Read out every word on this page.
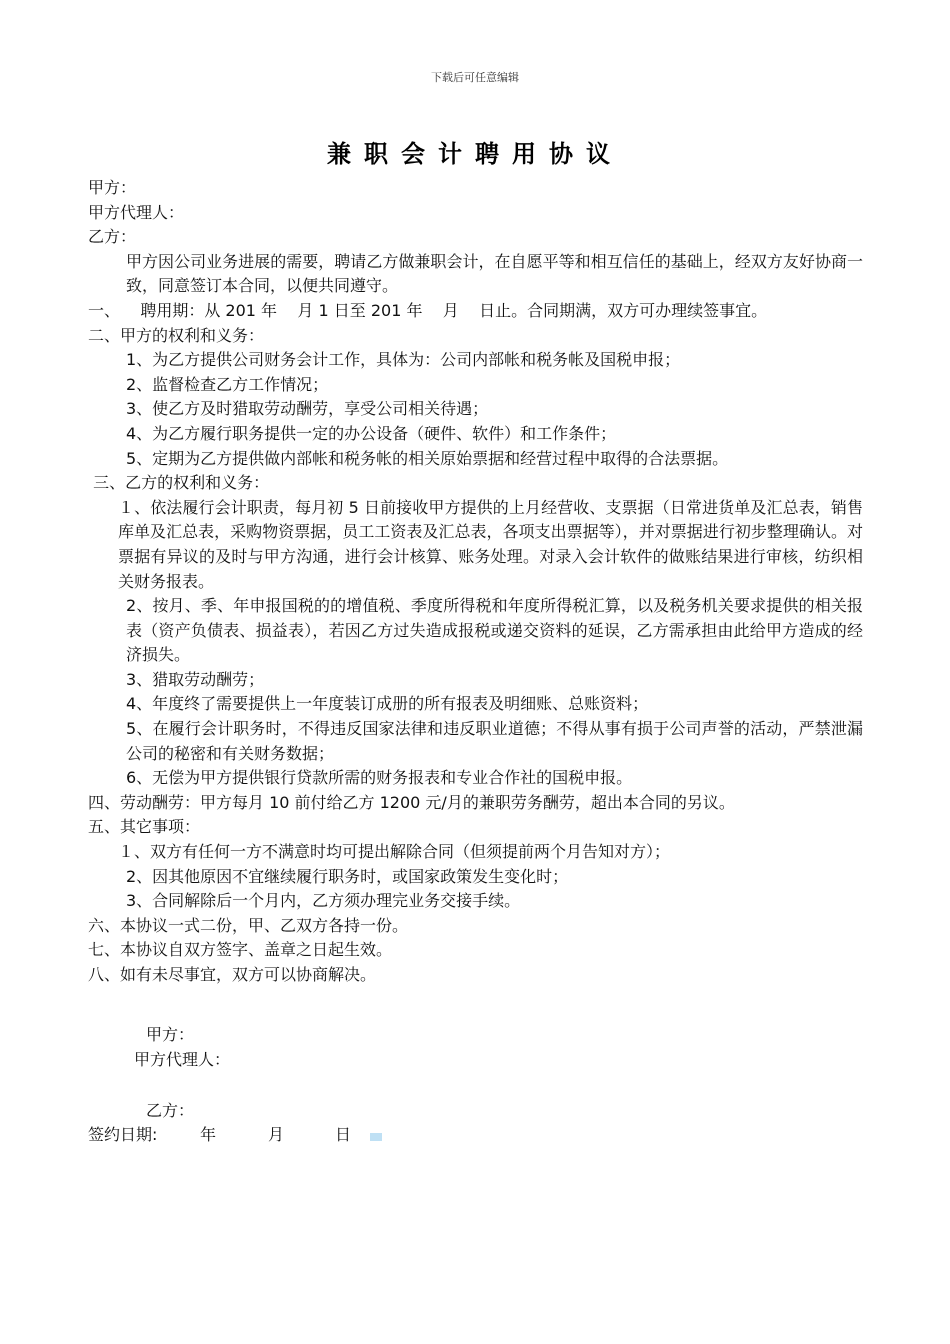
下载后可任意编辑
兼职会计聘用协议
甲方：
甲方代理人：
乙方：
甲方因公司业务进展的需要，聘请乙方做兼职会计，在自愿平等和相互信任的基础上，经双方友好协商一致，同意签订本合同，以便共同遵守。
一、    聘用期：从 201 年    月 1 日至 201 年    月    日止。合同期满，双方可办理续签事宜。
二、甲方的权利和义务：
1、为乙方提供公司财务会计工作，具体为：公司内部帐和税务帐及国税申报；
2、监督检查乙方工作情况；
3、使乙方及时猎取劳动酬劳，享受公司相关待遇；
4、为乙方履行职务提供一定的办公设备（硬件、软件）和工作条件；
5、定期为乙方提供做内部帐和税务帐的相关原始票据和经营过程中取得的合法票据。
三、乙方的权利和义务：
１、依法履行会计职责，每月初 5 日前接收甲方提供的上月经营收、支票据（日常进货单及汇总表，销售库单及汇总表，采购物资票据，员工工资表及汇总表，各项支出票据等），并对票据进行初步整理确认。对票据有异议的及时与甲方沟通，进行会计核算、账务处理。对录入会计软件的做账结果进行审核，纺织相关财务报表。
2、按月、季、年申报国税的的增值税、季度所得税和年度所得税汇算，以及税务机关要求提供的相关报表（资产负债表、损益表），若因乙方过失造成报税或递交资料的延误，乙方需承担由此给甲方造成的经济损失。
3、猎取劳动酬劳；
4、年度终了需要提供上一年度装订成册的所有报表及明细账、总账资料；
5、在履行会计职务时，不得违反国家法律和违反职业道德；不得从事有损于公司声誉的活动，严禁泄漏公司的秘密和有关财务数据；
6、无偿为甲方提供银行贷款所需的财务报表和专业合作社的国税申报。
四、劳动酬劳：甲方每月 10 前付给乙方 1200 元/月的兼职劳务酬劳，超出本合同的另议。
五、其它事项：
１、双方有任何一方不满意时均可提出解除合同（但须提前两个月告知对方）；
2、因其他原因不宜继续履行职务时，或国家政策发生变化时；
3、合同解除后一个月内，乙方须办理完业务交接手续。
六、本协议一式二份，甲、乙双方各持一份。
七、本协议自双方签字、盖章之日起生效。
八、如有未尽事宜，双方可以协商解决。
甲方：
甲方代理人：
乙方：
签约日期:	年	月	日
